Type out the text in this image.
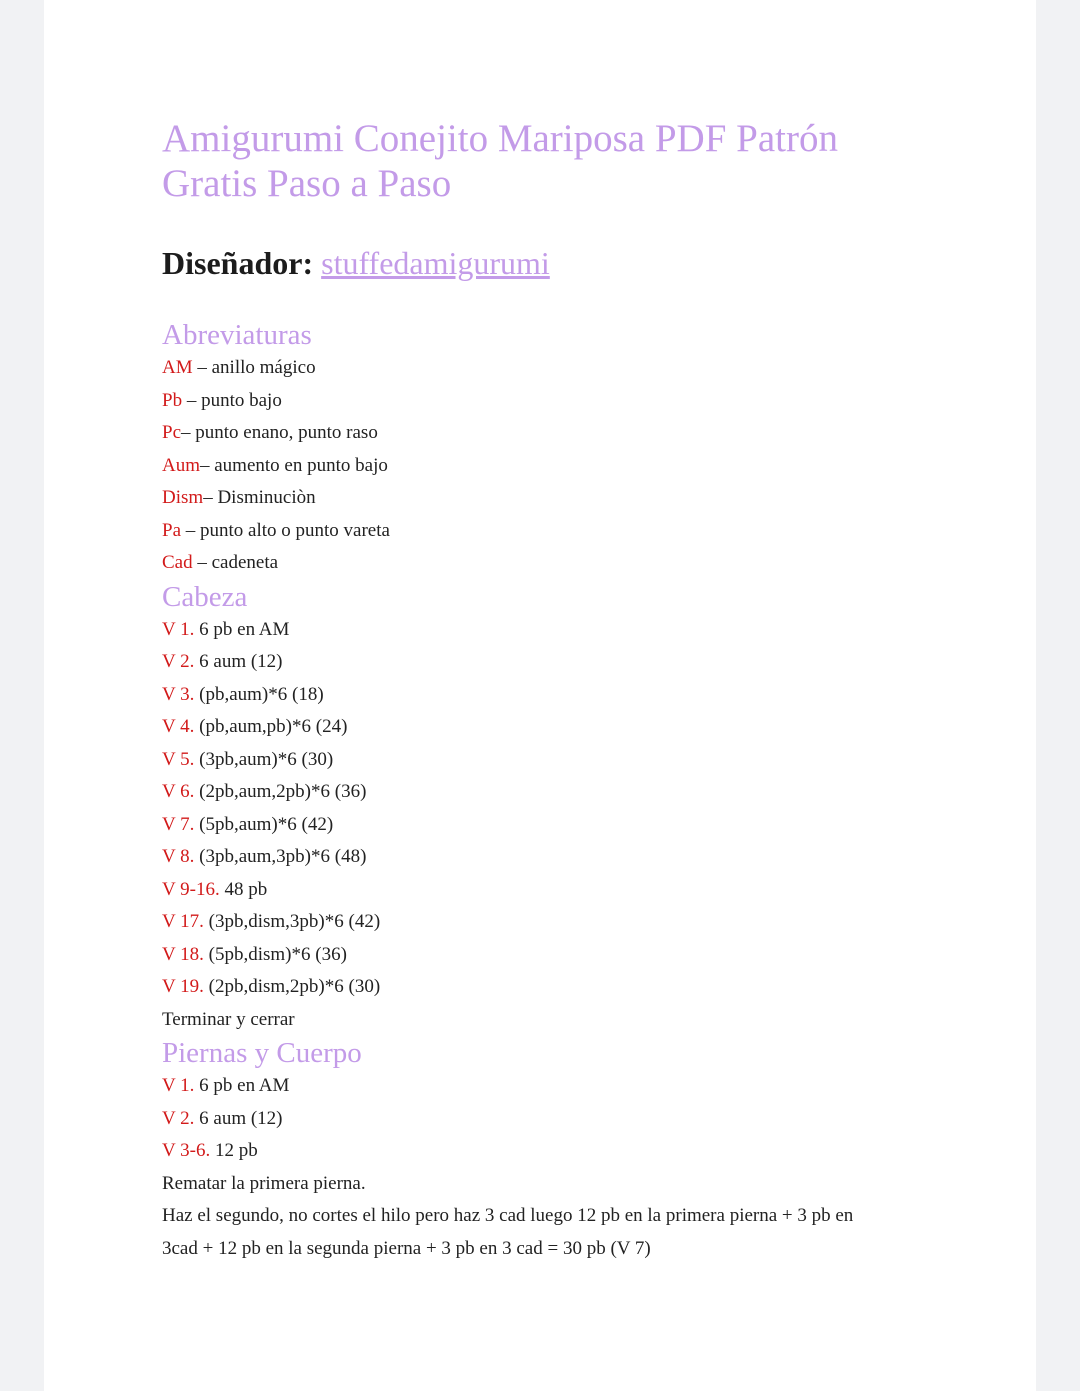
Amigurumi Conejito Mariposa PDF Patrón Gratis Paso a Paso
Diseñador: stuffedamigurumi
Abreviaturas
AM – anillo mágico
Pb – punto bajo
Pc– punto enano, punto raso
Aum– aumento en punto bajo
Dism– Disminuciòn
Pa – punto alto o punto vareta
Cad – cadeneta
Cabeza
V 1. 6 pb en AM
V 2. 6 aum (12)
V 3. (pb,aum)*6 (18)
V 4. (pb,aum,pb)*6 (24)
V 5. (3pb,aum)*6 (30)
V 6. (2pb,aum,2pb)*6 (36)
V 7. (5pb,aum)*6 (42)
V 8. (3pb,aum,3pb)*6 (48)
V 9-16. 48 pb
V 17. (3pb,dism,3pb)*6 (42)
V 18. (5pb,dism)*6 (36)
V 19. (2pb,dism,2pb)*6 (30)
Terminar y cerrar
Piernas y Cuerpo
V 1. 6 pb en AM
V 2. 6 aum (12)
V 3-6. 12 pb
Rematar la primera pierna.
Haz el segundo, no cortes el hilo pero haz 3 cad luego 12 pb en la primera pierna + 3 pb en
3cad + 12 pb en la segunda pierna + 3 pb en 3 cad = 30 pb (V 7)
